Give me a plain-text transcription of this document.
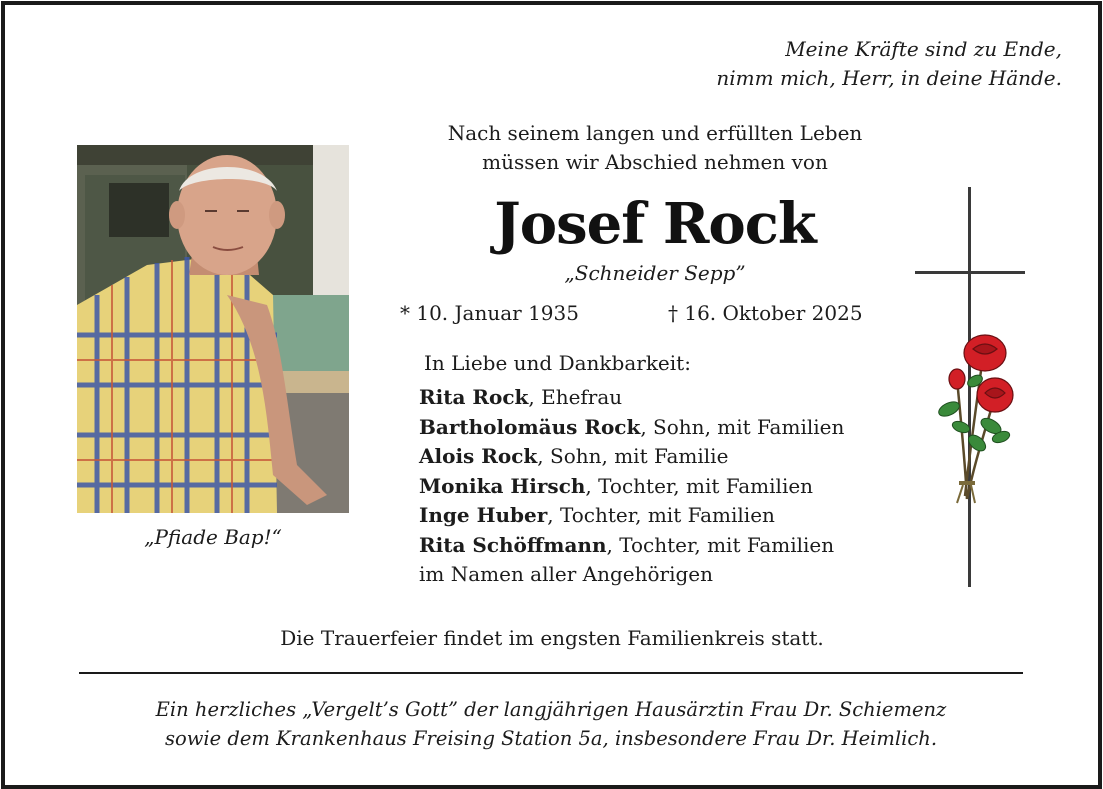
Meine Kräfte sind zu Ende,
nimm mich, Herr, in deine Hände.
Nach seinem langen und erfüllten Leben
müssen wir Abschied nehmen von
Josef Rock
„Schneider Sepp”
* 10. Januar 1935	† 16. Oktober 2025
„Pfiade Bap!“
In Liebe und Dankbarkeit:
Rita Rock, Ehefrau
Bartholomäus Rock, Sohn, mit Familien
Alois Rock, Sohn, mit Familie
Monika Hirsch, Tochter, mit Familien
Inge Huber, Tochter, mit Familien
Rita Schöffmann, Tochter, mit Familien
im Namen aller Angehörigen
Die Trauerfeier findet im engsten Familienkreis statt.
Ein herzliches „Vergelt’s Gott” der langjährigen Hausärztin Frau Dr. Schiemenz
sowie dem Krankenhaus Freising Station 5a, insbesondere Frau Dr. Heimlich.
